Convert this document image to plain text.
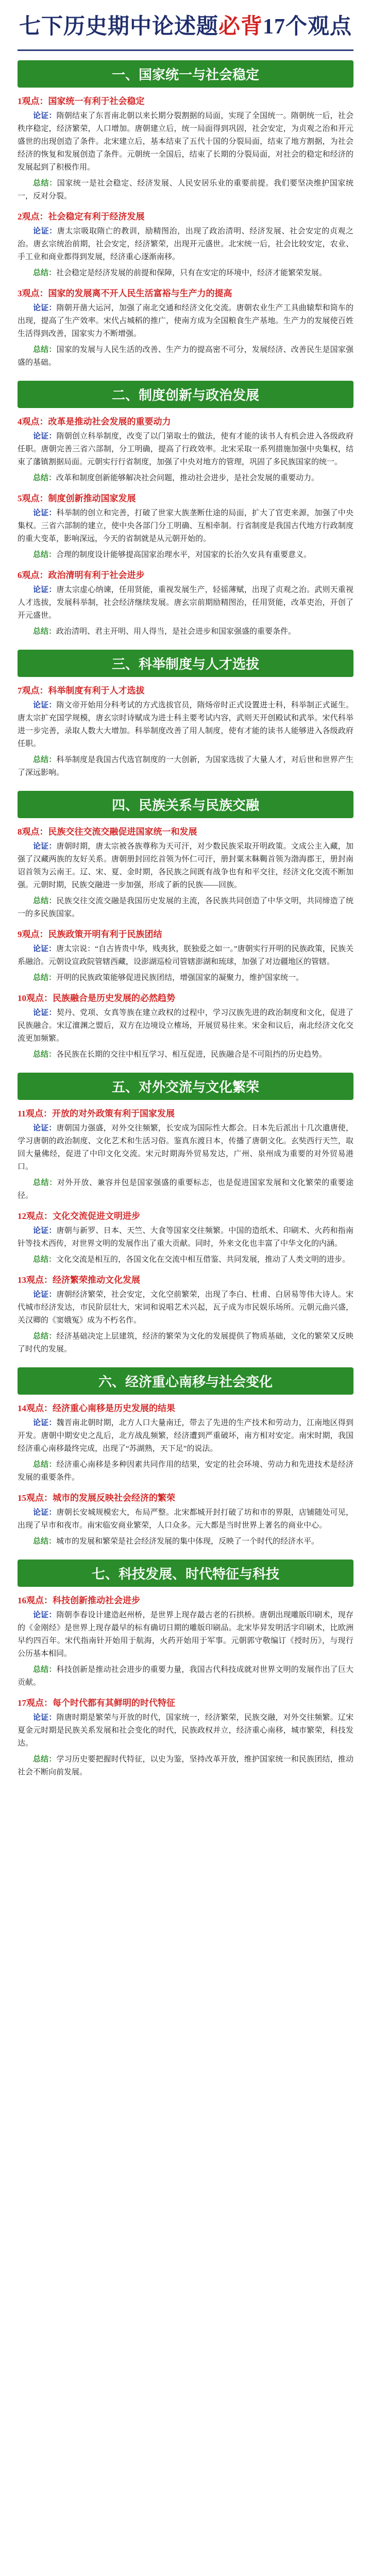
七下历史 期中论述题 必背 17个观点
一、国家统一与社会稳定
1观点：国家统一有利于社会稳定

论证：隋朝结束了东晋南北朝以来长期分裂割据的局面，实现了全国统一。隋朝统一后，社会秩序稳定，经济繁荣，人口增加。唐朝建立后，统一局面得到巩固，社会安定，为贞观之治和开元盛世的出现创造了条件。北宋建立后，基本结束了五代十国的分裂局面，结束了地方割据，为社会经济的恢复和发展创造了条件。元朝统一全国后，结束了长期的分裂局面，对社会的稳定和经济的发展起到了积极作用。

总结：国家统一是社会稳定、经济发展、人民安居乐业的重要前提。我们要坚决维护国家统一，反对分裂。

2观点：社会稳定有利于经济发展

论证：唐太宗吸取隋亡的教训，励精图治，出现了政治清明、经济发展、社会安定的贞观之治。唐玄宗统治前期，社会安定，经济繁荣，出现开元盛世。北宋统一后，社会比较安定，农业、手工业和商业都得到发展，经济重心逐渐南移。

总结：社会稳定是经济发展的前提和保障，只有在安定的环境中，经济才能繁荣发展。

3观点：国家的发展离不开人民生活富裕与生产力的提高

论证：隋朝开凿大运河，加强了南北交通和经济文化交流。唐朝农业生产工具曲辕犁和筒车的出现，提高了生产效率。宋代占城稻的推广，使南方成为全国粮食生产基地。生产力的发展使百姓生活得到改善，国家实力不断增强。

总结：国家的发展与人民生活的改善、生产力的提高密不可分，发展经济、改善民生是国家强盛的基础。

二、制度创新与政治发展
4观点：改革是推动社会发展的重要动力

论证：隋朝创立科举制度，改变了以门第取士的做法，使有才能的读书人有机会进入各级政府任职。唐朝完善三省六部制，分工明确，提高了行政效率。北宋采取一系列措施加强中央集权，结束了藩镇割据局面。元朝实行行省制度，加强了中央对地方的管理，巩固了多民族国家的统一。

总结：改革和制度创新能够解决社会问题，推动社会进步，是社会发展的重要动力。

5观点：制度创新推动国家发展

论证：科举制的创立和完善，打破了世家大族垄断仕途的局面，扩大了官吏来源，加强了中央集权。三省六部制的建立，使中央各部门分工明确、互相牵制。行省制度是我国古代地方行政制度的重大变革，影响深远，今天的省制就是从元朝开始的。

总结：合理的制度设计能够提高国家治理水平，对国家的长治久安具有重要意义。

6观点：政治清明有利于社会进步

论证：唐太宗虚心纳谏，任用贤能，重视发展生产，轻徭薄赋，出现了贞观之治。武则天重视人才选拔，发展科举制，社会经济继续发展。唐玄宗前期励精图治，任用贤能，改革吏治，开创了开元盛世。

总结：政治清明、君主开明、用人得当，是社会进步和国家强盛的重要条件。

三、科举制度与人才选拔
7观点：科举制度有利于人才选拔

论证：隋文帝开始用分科考试的方式选拔官员，隋炀帝时正式设置进士科，科举制正式诞生。唐太宗扩充国学规模，唐玄宗时诗赋成为进士科主要考试内容，武则天开创殿试和武举。宋代科举进一步完善，录取人数大大增加。科举制度改善了用人制度，使有才能的读书人能够进入各级政府任职。

总结：科举制度是我国古代选官制度的一大创新，为国家选拔了大量人才，对后世和世界产生了深远影响。

四、民族关系与民族交融
8观点：民族交往交流交融促进国家统一和发展

论证：唐朝时期，唐太宗被各族尊称为天可汗，对少数民族采取开明政策。文成公主入藏，加强了汉藏两族的友好关系。唐朝册封回纥首领为怀仁可汗，册封粟末靺鞨首领为渤海郡王，册封南诏首领为云南王。辽、宋、夏、金时期，各民族之间既有战争也有和平交往，经济文化交流不断加强。元朝时期，民族交融进一步加强，形成了新的民族——回族。

总结：民族交往交流交融是我国历史发展的主流，各民族共同创造了中华文明，共同缔造了统一的多民族国家。

9观点：民族政策开明有利于民族团结

论证：唐太宗说：“自古皆贵中华，贱夷狄，朕独爱之如一。”唐朝实行开明的民族政策，民族关系融洽。元朝设宣政院管辖西藏，设澎湖巡检司管辖澎湖和琉球，加强了对边疆地区的管辖。

总结：开明的民族政策能够促进民族团结，增强国家的凝聚力，维护国家统一。

10观点：民族融合是历史发展的必然趋势

论证：契丹、党项、女真等族在建立政权的过程中，学习汉族先进的政治制度和文化，促进了民族融合。宋辽澶渊之盟后，双方在边境设立榷场，开展贸易往来。宋金和议后，南北经济文化交流更加频繁。

总结：各民族在长期的交往中相互学习、相互促进，民族融合是不可阻挡的历史趋势。

五、对外交流与文化繁荣
11观点：开放的对外政策有利于国家发展

论证：唐朝国力强盛，对外交往频繁，长安成为国际性大都会。日本先后派出十几次遣唐使，学习唐朝的政治制度、文化艺术和生活习俗。鉴真东渡日本，传播了唐朝文化。玄奘西行天竺，取回大量佛经，促进了中印文化交流。宋元时期海外贸易发达，广州、泉州成为重要的对外贸易港口。

总结：对外开放、兼容并包是国家强盛的重要标志，也是促进国家发展和文化繁荣的重要途径。

12观点：文化交流促进文明进步

论证：唐朝与新罗、日本、天竺、大食等国家交往频繁。中国的造纸术、印刷术、火药和指南针等技术西传，对世界文明的发展作出了重大贡献。同时，外来文化也丰富了中华文化的内涵。

总结：文化交流是相互的，各国文化在交流中相互借鉴、共同发展，推动了人类文明的进步。

13观点：经济繁荣推动文化发展

论证：唐朝经济繁荣，社会安定，文化空前繁荣，出现了李白、杜甫、白居易等伟大诗人。宋代城市经济发达，市民阶层壮大，宋词和说唱艺术兴起，瓦子成为市民娱乐场所。元朝元曲兴盛，关汉卿的《窦娥冤》成为不朽名作。

总结：经济基础决定上层建筑，经济的繁荣为文化的发展提供了物质基础，文化的繁荣又反映了时代的发展。

六、经济重心南移与社会变化
14观点：经济重心南移是历史发展的结果

论证：魏晋南北朝时期，北方人口大量南迁，带去了先进的生产技术和劳动力，江南地区得到开发。唐朝中期安史之乱后，北方战乱频繁，经济遭到严重破坏，南方相对安定。南宋时期，我国经济重心南移最终完成，出现了“苏湖熟，天下足”的说法。

总结：经济重心南移是多种因素共同作用的结果，安定的社会环境、劳动力和先进技术是经济发展的重要条件。

15观点：城市的发展反映社会经济的繁荣

论证：唐朝长安城规模宏大，布局严整。北宋都城开封打破了坊和市的界限，店铺随处可见，出现了早市和夜市。南宋临安商业繁荣，人口众多。元大都是当时世界上著名的商业中心。

总结：城市的发展和繁荣是社会经济发展的集中体现，反映了一个时代的经济水平。

七、科技发展、时代特征与科技
16观点：科技创新推动社会进步

论证：隋朝李春设计建造赵州桥，是世界上现存最古老的石拱桥。唐朝出现雕版印刷术，现存的《金刚经》是世界上现存最早的标有确切日期的雕版印刷品。北宋毕昇发明活字印刷术，比欧洲早约四百年。宋代指南针开始用于航海，火药开始用于军事。元朝郭守敬编订《授时历》，与现行公历基本相同。

总结：科技创新是推动社会进步的重要力量，我国古代科技成就对世界文明的发展作出了巨大贡献。

17观点：每个时代都有其鲜明的时代特征

论证：隋唐时期是繁荣与开放的时代，国家统一，经济繁荣，民族交融，对外交往频繁。辽宋夏金元时期是民族关系发展和社会变化的时代，民族政权并立，经济重心南移，城市繁荣，科技发达。

总结：学习历史要把握时代特征，以史为鉴，坚持改革开放，维护国家统一和民族团结，推动社会不断向前发展。
